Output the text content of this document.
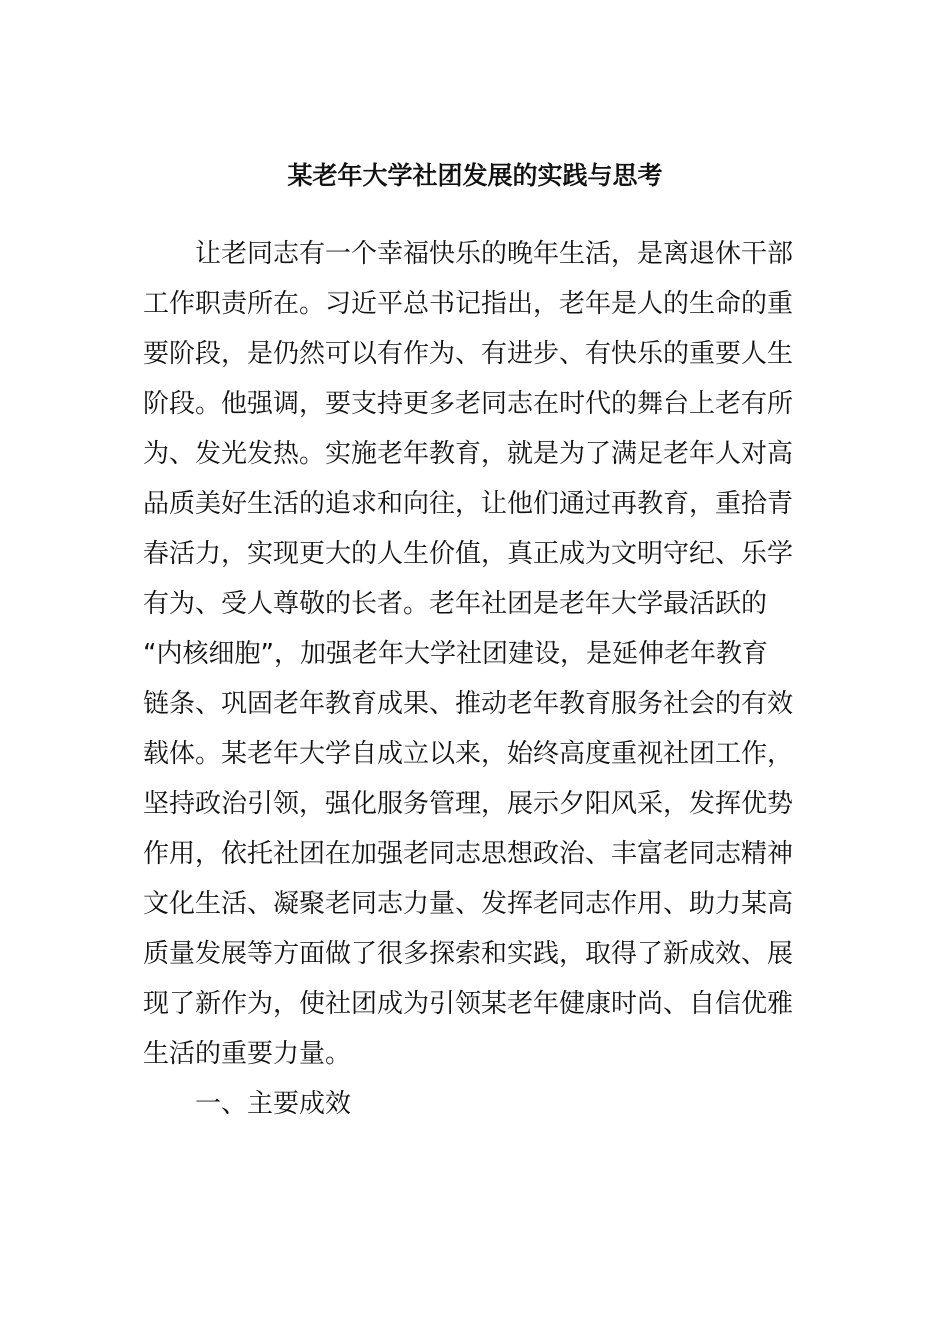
某老年大学社团发展的实践与思考
让老同志有一个幸福快乐的晚年生活，是离退休干部
工作职责所在。习近平总书记指出，老年是人的生命的重
要阶段，是仍然可以有作为、有进步、有快乐的重要人生
阶段。他强调，要支持更多老同志在时代的舞台上老有所
为、发光发热。实施老年教育，就是为了满足老年人对高
品质美好生活的追求和向往，让他们通过再教育，重拾青
春活力，实现更大的人生价值，真正成为文明守纪、乐学
有为、受人尊敬的长者。老年社团是老年大学最活跃的
“内核细胞”，加强老年大学社团建设，是延伸老年教育
链条、巩固老年教育成果、推动老年教育服务社会的有效
载体。某老年大学自成立以来，始终高度重视社团工作，
坚持政治引领，强化服务管理，展示夕阳风采，发挥优势
作用，依托社团在加强老同志思想政治、丰富老同志精神
文化生活、凝聚老同志力量、发挥老同志作用、助力某高
质量发展等方面做了很多探索和实践，取得了新成效、展
现了新作为，使社团成为引领某老年健康时尚、自信优雅
生活的重要力量。
一、主要成效
